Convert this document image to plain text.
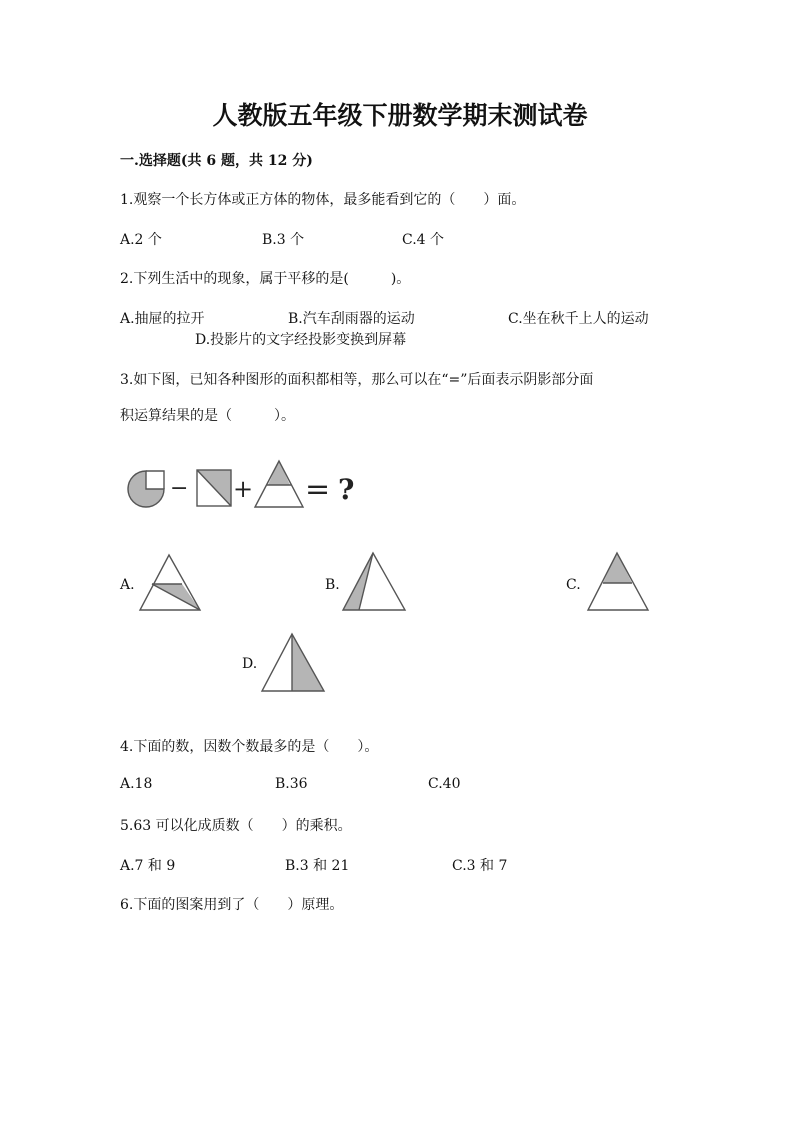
人教版五年级下册数学期末测试卷
一.选择题(共 6 题，共 12 分)
1.观察一个长方体或正方体的物体，最多能看到它的（　　）面。
A.2 个	B.3 个	C.4 个
2.下列生活中的现象，属于平移的是(　　　)。
A.抽屉的拉开	B.汽车刮雨器的运动	C.坐在秋千上人的运动
D.投影片的文字经投影变换到屏幕
3.如下图，已知各种图形的面积都相等，那么可以在“=”后面表示阴影部分面
积运算结果的是（　　　）。
− + = ?
A.	B.	C.
D.
4.下面的数，因数个数最多的是（　　）。
A.18	B.36	C.40
5.63 可以化成质数（　　）的乘积。
A.7 和 9	B.3 和 21	C.3 和 7
6.下面的图案用到了（　　）原理。
